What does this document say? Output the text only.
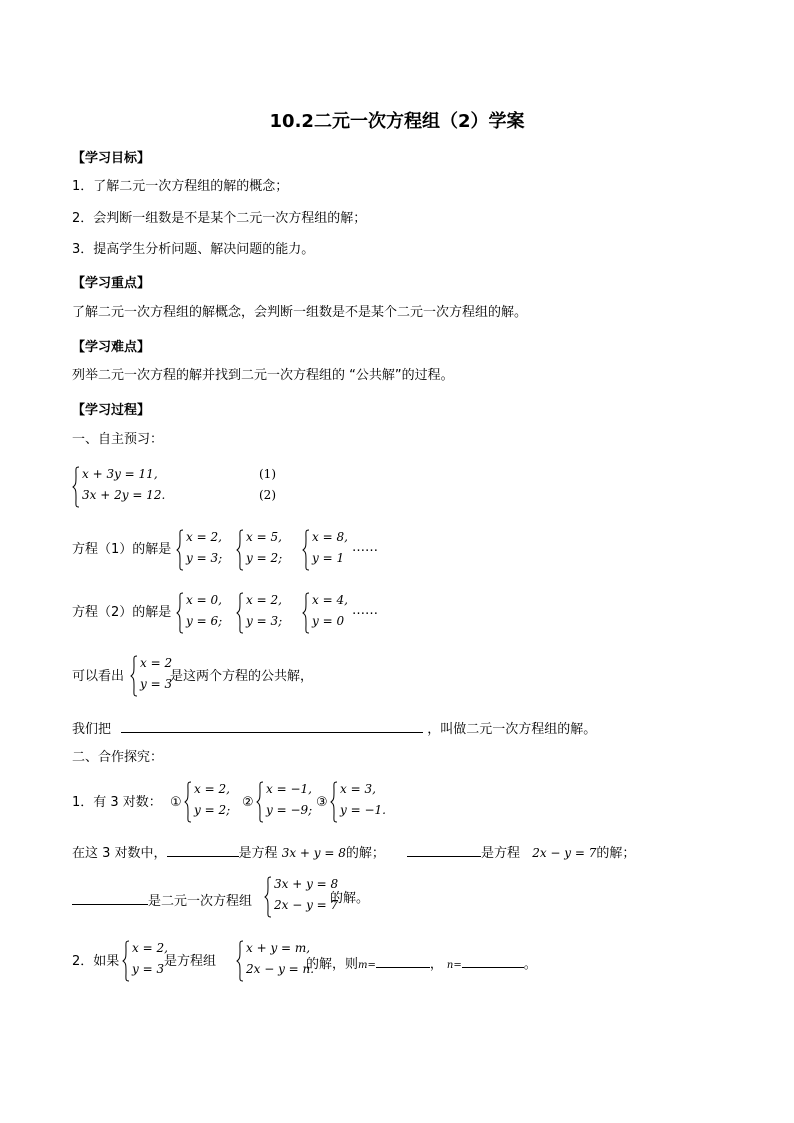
10.2二元一次方程组（2）学案
【学习目标】
1．了解二元一次方程组的解的概念；
2．会判断一组数是不是某个二元一次方程组的解；
3．提高学生分析问题、解决问题的能力。
【学习重点】
了解二元一次方程组的解概念，会判断一组数是不是某个二元一次方程组的解。
【学习难点】
列举二元一次方程的解并找到二元一次方程组的 “公共解”的过程。
【学习过程】
一、自主预习：
x + 3y = 11,
3x + 2y = 12.
(1)
(2)
方程（1）的解是
x = 2,
y = 3;
x = 5,
y = 2;
x = 8,
y = 1
……
方程（2）的解是
x = 0,
y = 6;
x = 2,
y = 3;
x = 4,
y = 0
……
可以看出
x = 2
y = 3
是这两个方程的公共解，
我们把	，叫做二元一次方程组的解。
二、合作探究：
1．有 3 对数： ①
x = 2,
y = 2; ②
x = −1,
y = −9; ③
x = 3,
y = −1.
在这 3 对数中，	是方程 3x + y = 8的解；	是方程 2x − y = 7的解；
是二元一次方程组
3x + y = 8
2x − y = 7
的解。
2．如果
x = 2,
y = 3 是方程组
x + y = m,
2x − y = n.
的解，则m=	， n=	。
